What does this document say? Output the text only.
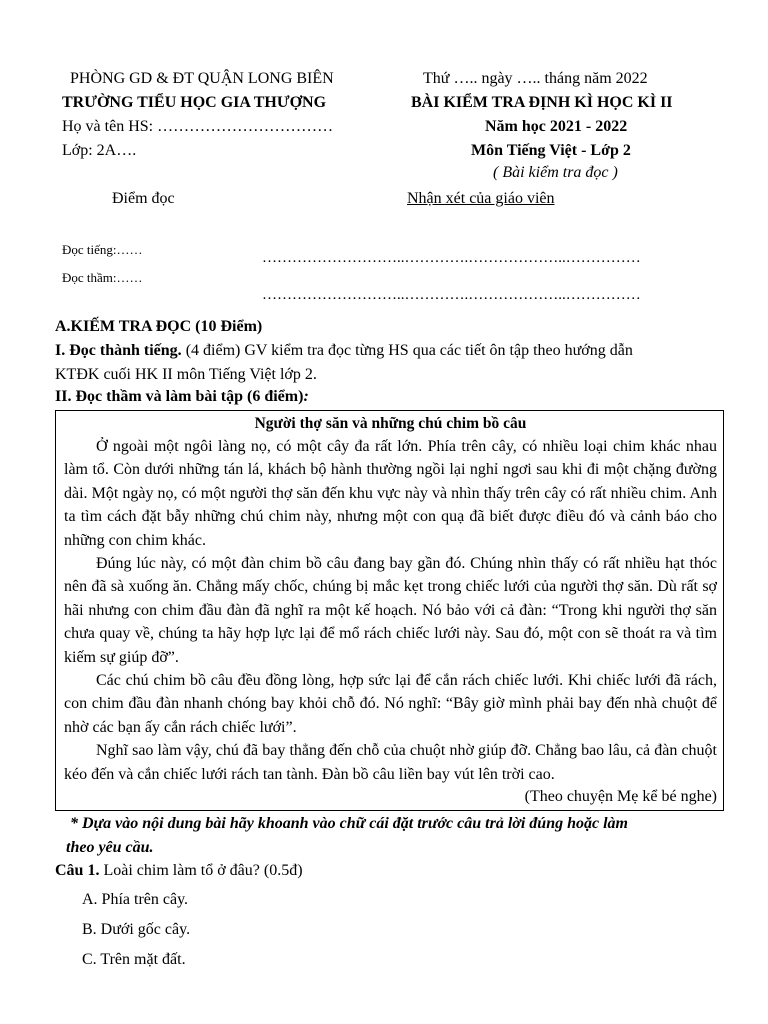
PHÒNG GD & ĐT QUẬN LONG BIÊN
TRƯỜNG TIỂU HỌC GIA THƯỢNG
Họ và tên HS: ……………………………
Lớp: 2A….
Thứ ….. ngày ….. tháng năm 2022
BÀI KIỂM TRA ĐỊNH KÌ HỌC KÌ II
Năm học 2021 - 2022
Môn Tiếng Việt - Lớp 2
( Bài kiểm tra đọc )
Điểm đọc	Nhận xét của giáo viên
Đọc tiếng:……
………………………..………….………………..……………
Đọc thầm:……
………………………..………….………………..……………
A.KIẾM TRA ĐỌC (10 Điểm)
I. Đọc thành tiếng. (4 điểm) GV kiểm tra đọc từng HS qua các tiết ôn tập theo hướng dẫn
KTĐK cuối HK II môn Tiếng Việt lớp 2.
II. Đọc thầm và làm bài tập (6 điểm):
Người thợ săn và những chú chim bồ câu

Ở ngoài một ngôi làng nọ, có một cây đa rất lớn. Phía trên cây, có nhiều loại chim khác nhau làm tổ. Còn dưới những tán lá, khách bộ hành thường ngồi lại nghỉ ngơi sau khi đi một chặng đường dài. Một ngày nọ, có một người thợ săn đến khu vực này và nhìn thấy trên cây có rất nhiều chim. Anh ta tìm cách đặt bẫy những chú chim này, nhưng một con quạ đã biết được điều đó và cảnh báo cho những con chim khác.

Đúng lúc này, có một đàn chim bồ câu đang bay gần đó. Chúng nhìn thấy có rất nhiều hạt thóc nên đã sà xuống ăn. Chẳng mấy chốc, chúng bị mắc kẹt trong chiếc lưới của người thợ săn. Dù rất sợ hãi nhưng con chim đầu đàn đã nghĩ ra một kế hoạch. Nó bảo với cả đàn: “Trong khi người thợ săn chưa quay về, chúng ta hãy hợp lực lại để mổ rách chiếc lưới này. Sau đó, một con sẽ thoát ra và tìm kiếm sự giúp đỡ”.

Các chú chim bồ câu đều đồng lòng, hợp sức lại để cắn rách chiếc lưới. Khi chiếc lưới đã rách, con chim đầu đàn nhanh chóng bay khỏi chỗ đó. Nó nghĩ: “Bây giờ mình phải bay đến nhà chuột để nhờ các bạn ấy cắn rách chiếc lưới”.

Nghĩ sao làm vậy, chú đã bay thẳng đến chỗ của chuột nhờ giúp đỡ. Chẳng bao lâu, cả đàn chuột kéo đến và cắn chiếc lưới rách tan tành. Đàn bồ câu liền bay vút lên trời cao.

(Theo chuyện Mẹ kể bé nghe)
* Dựa vào nội dung bài hãy khoanh vào chữ cái đặt trước câu trả lời đúng hoặc làm
theo yêu cầu.
Câu 1. Loài chim làm tổ ở đâu? (0.5đ)
A. Phía trên cây.
B. Dưới gốc cây.
C. Trên mặt đất.
